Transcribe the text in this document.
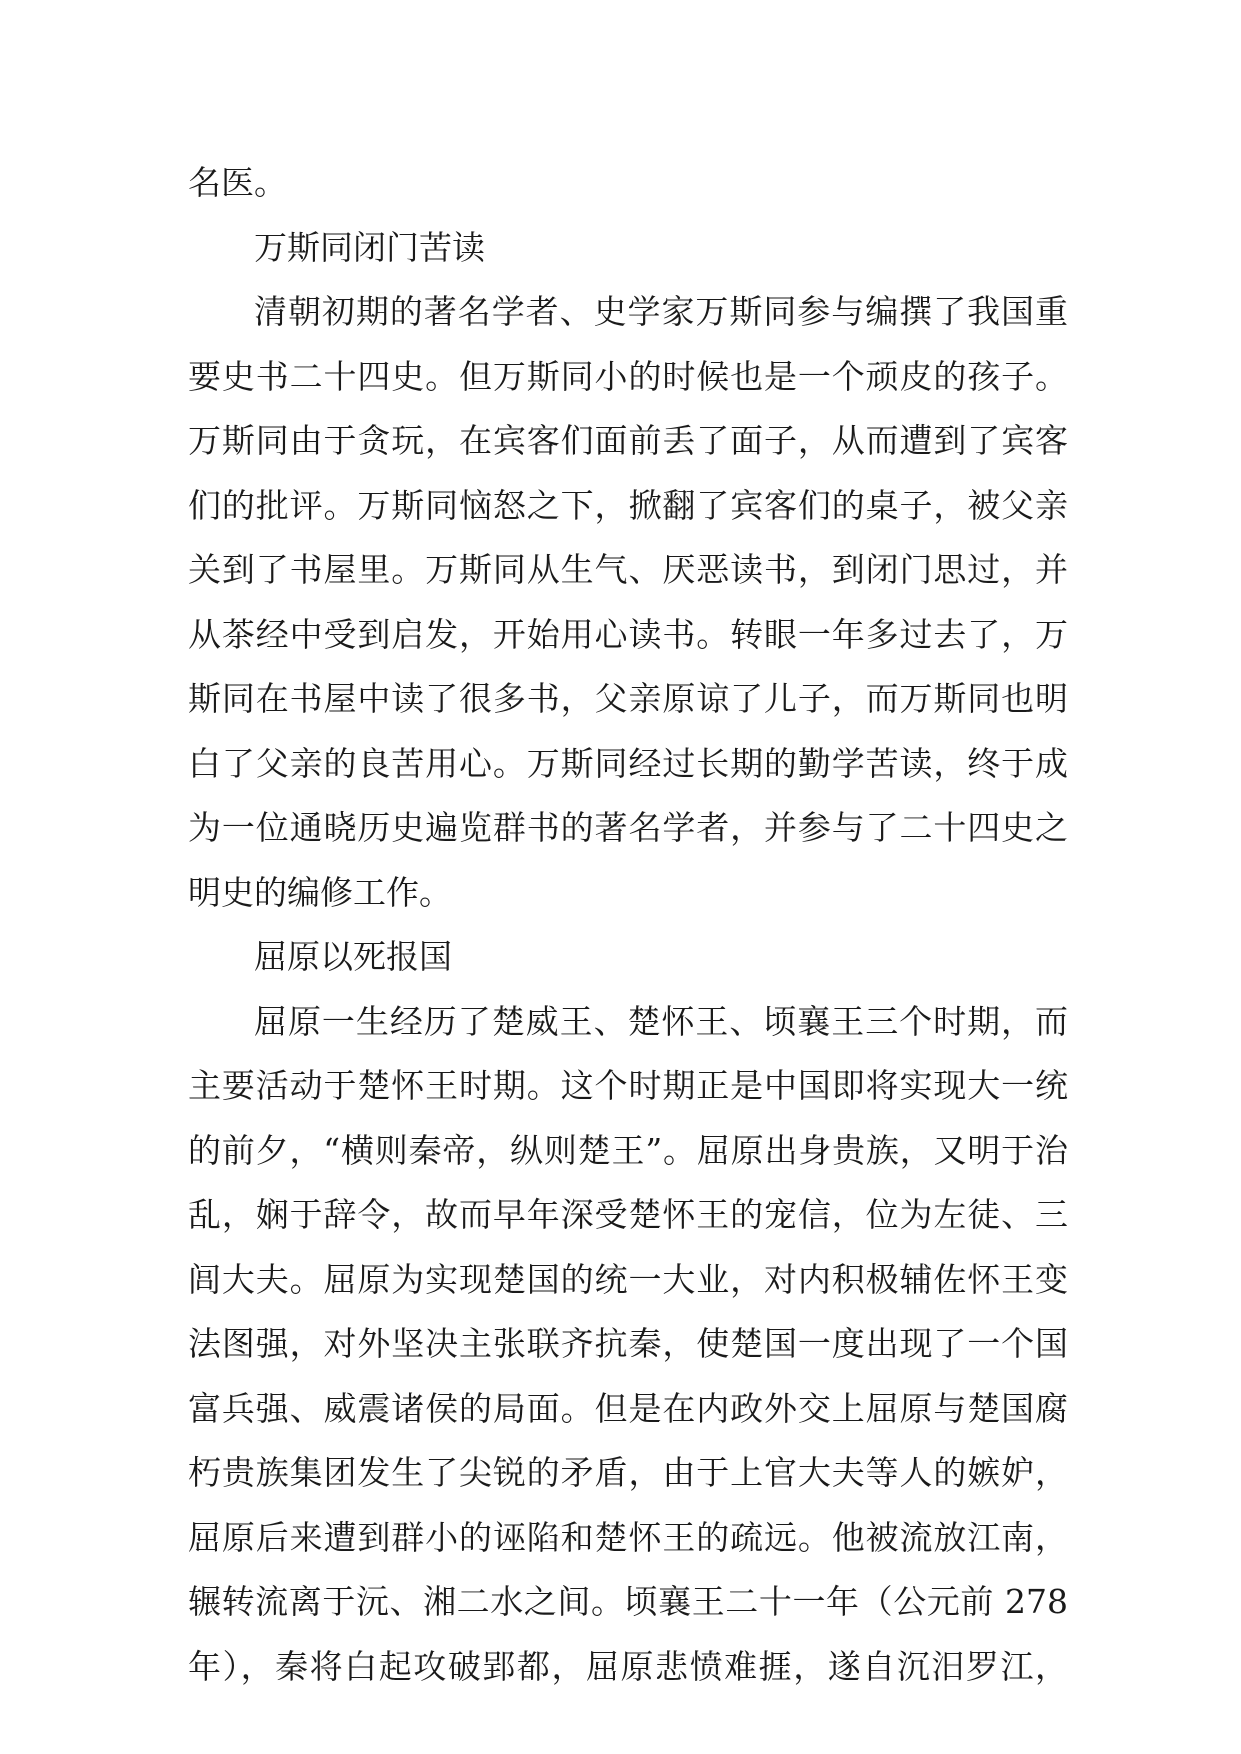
名医。
万斯同闭门苦读
清朝初期的著名学者、史学家万斯同参与编撰了我国重
要史书二十四史。但万斯同小的时候也是一个顽皮的孩子。
万斯同由于贪玩，在宾客们面前丢了面子，从而遭到了宾客
们的批评。万斯同恼怒之下，掀翻了宾客们的桌子，被父亲
关到了书屋里。万斯同从生气、厌恶读书，到闭门思过，并
从茶经中受到启发，开始用心读书。转眼一年多过去了，万
斯同在书屋中读了很多书，父亲原谅了儿子，而万斯同也明
白了父亲的良苦用心。万斯同经过长期的勤学苦读，终于成
为一位通晓历史遍览群书的著名学者，并参与了二十四史之
明史的编修工作。
屈原以死报国
屈原一生经历了楚威王、楚怀王、顷襄王三个时期，而
主要活动于楚怀王时期。这个时期正是中国即将实现大一统
的前夕，“横则秦帝，纵则楚王”。屈原出身贵族，又明于治
乱，娴于辞令，故而早年深受楚怀王的宠信，位为左徒、三
闾大夫。屈原为实现楚国的统一大业，对内积极辅佐怀王变
法图强，对外坚决主张联齐抗秦，使楚国一度出现了一个国
富兵强、威震诸侯的局面。但是在内政外交上屈原与楚国腐
朽贵族集团发生了尖锐的矛盾，由于上官大夫等人的嫉妒，
屈原后来遭到群小的诬陷和楚怀王的疏远。他被流放江南，
辗转流离于沅、湘二水之间。顷襄王二十一年（公元前 278
年），秦将白起攻破郢都，屈原悲愤难捱，遂自沉汨罗江，
